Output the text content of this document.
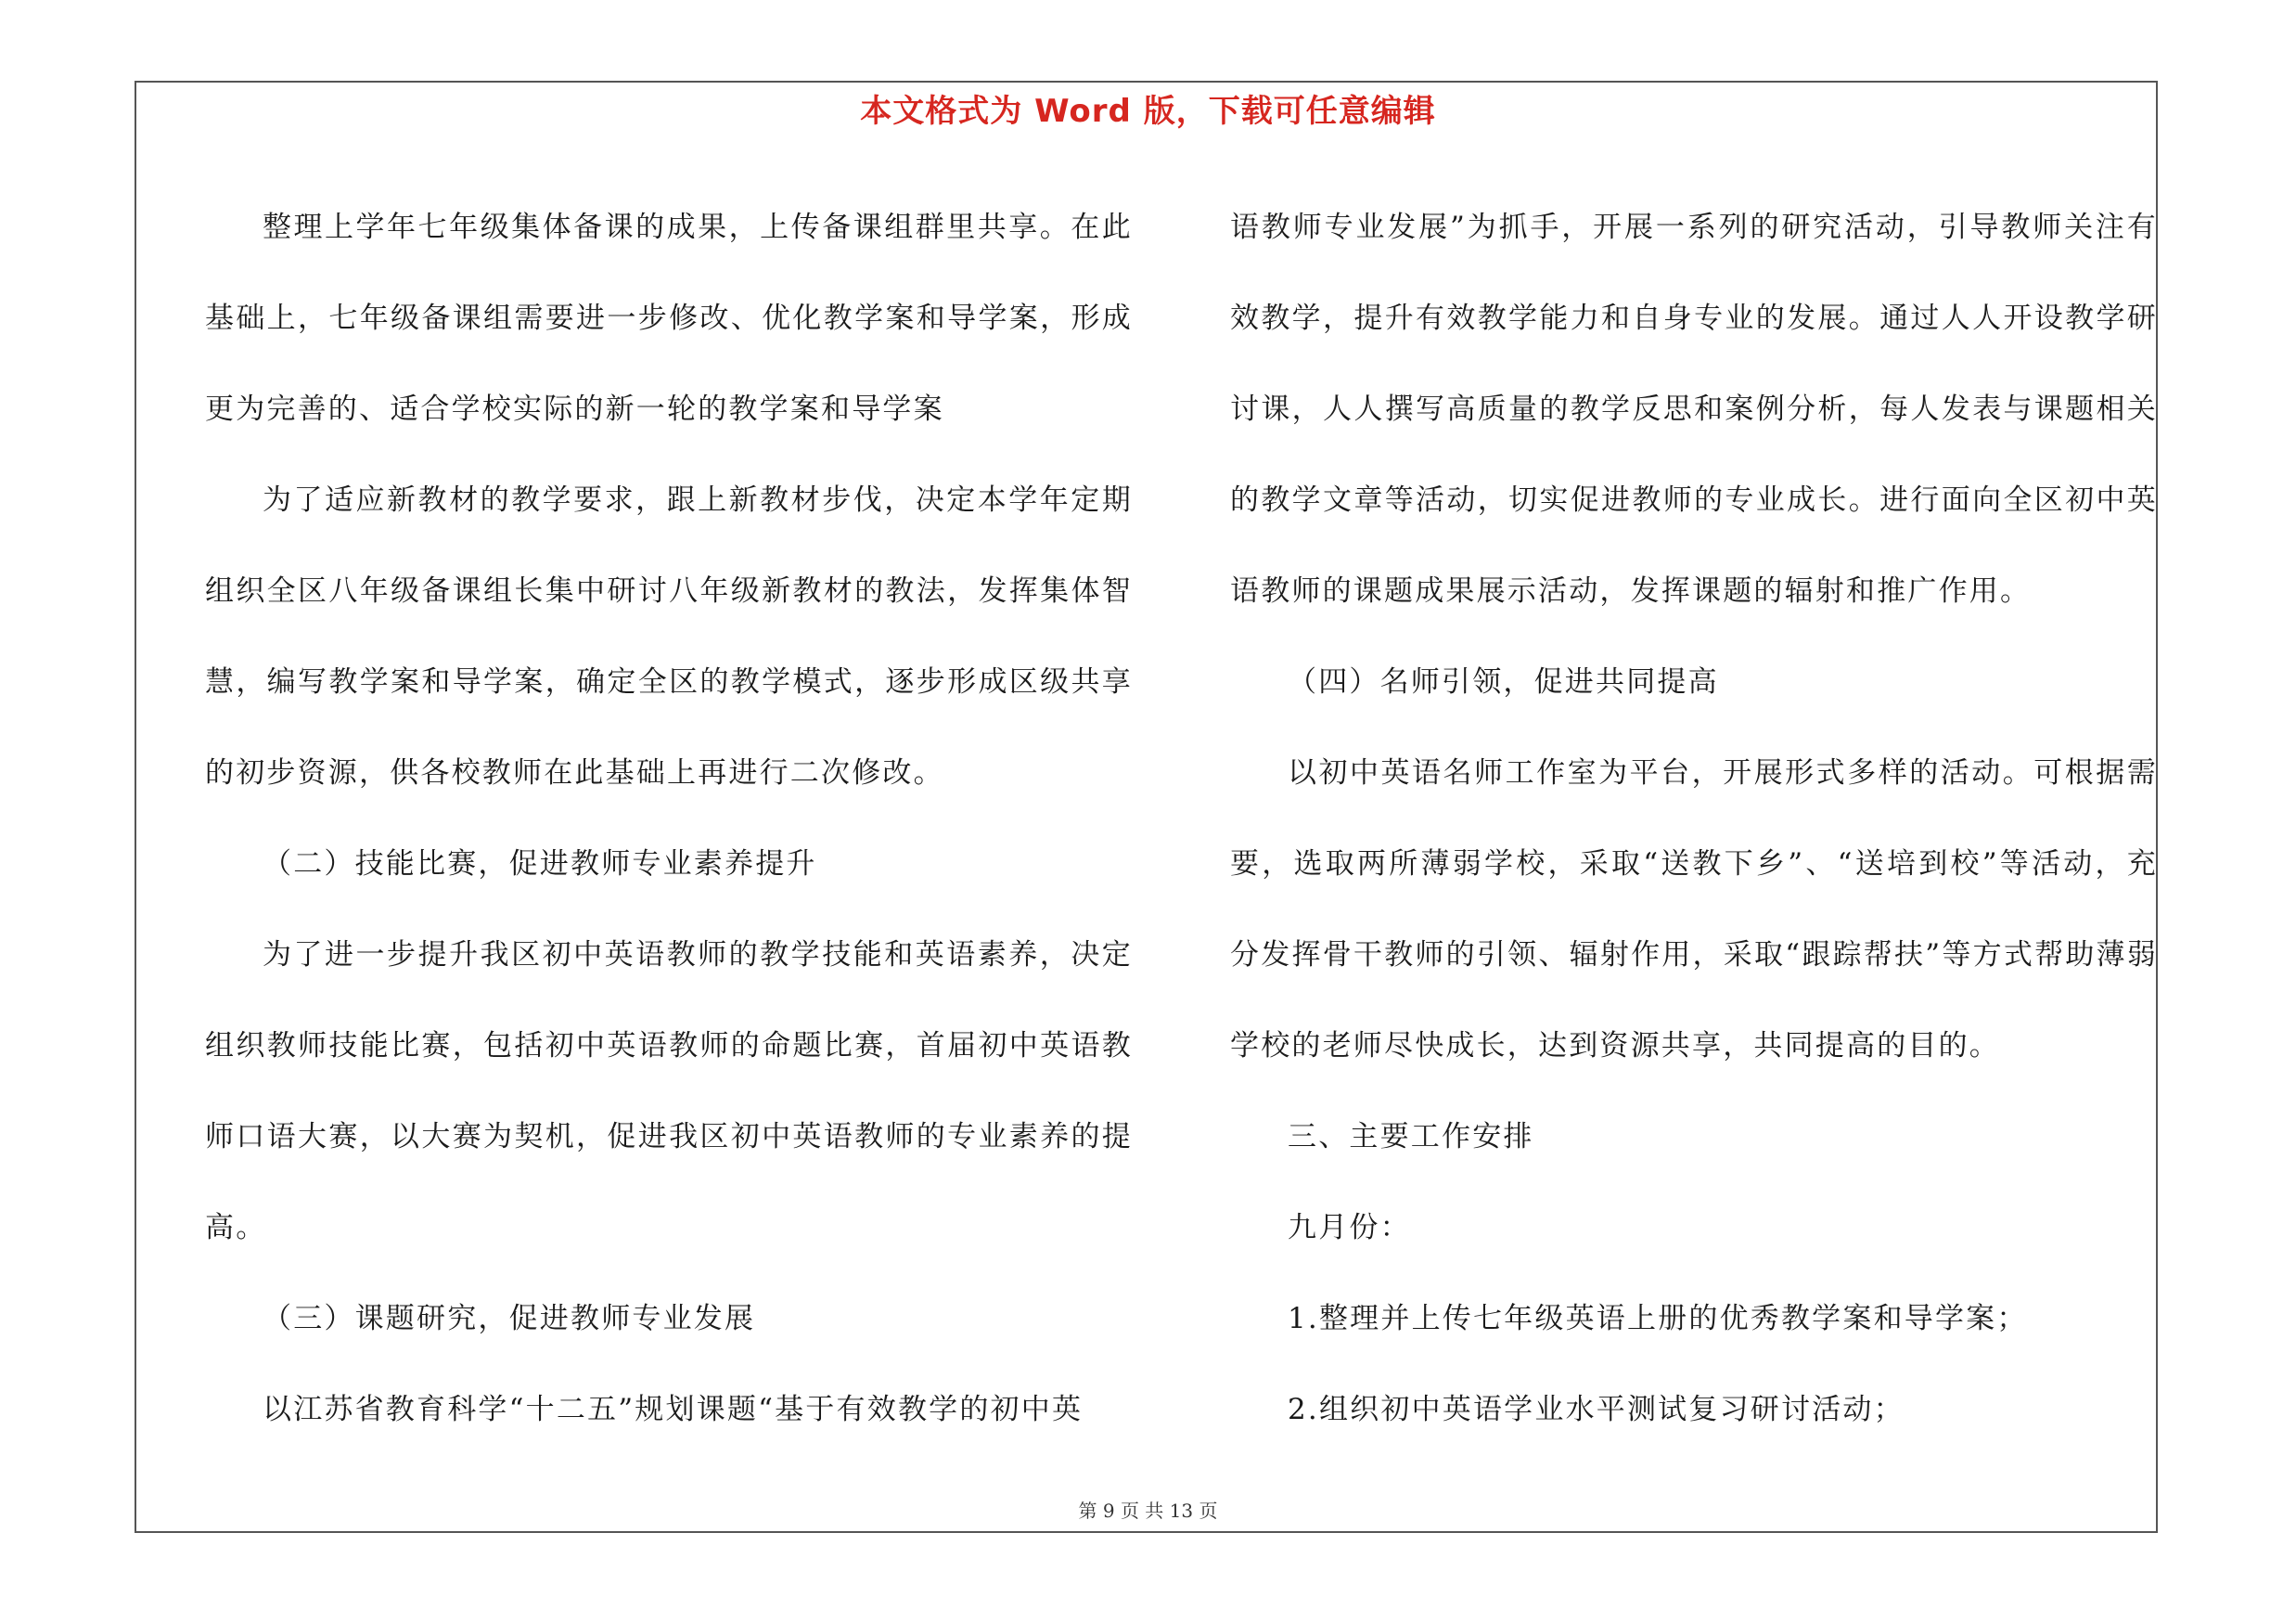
本文格式为 Word 版，下载可任意编辑

整理上学年七年级集体备课的成果，上传备课组群里共享。在此基础上，七年级备课组需要进一步修改、优化教学案和导学案，形成更为完善的、适合学校实际的新一轮的教学案和导学案

为了适应新教材的教学要求，跟上新教材步伐，决定本学年定期组织全区八年级备课组长集中研讨八年级新教材的教法，发挥集体智慧，编写教学案和导学案，确定全区的教学模式，逐步形成区级共享的初步资源，供各校教师在此基础上再进行二次修改。

（二）技能比赛，促进教师专业素养提升

为了进一步提升我区初中英语教师的教学技能和英语素养，决定组织教师技能比赛，包括初中英语教师的命题比赛，首届初中英语教师口语大赛，以大赛为契机，促进我区初中英语教师的专业素养的提高。

（三）课题研究，促进教师专业发展

以江苏省教育科学“十二五”规划课题“基于有效教学的初中英

语教师专业发展”为抓手，开展一系列的研究活动，引导教师关注有效教学，提升有效教学能力和自身专业的发展。通过人人开设教学研讨课，人人撰写高质量的教学反思和案例分析，每人发表与课题相关的教学文章等活动，切实促进教师的专业成长。进行面向全区初中英语教师的课题成果展示活动，发挥课题的辐射和推广作用。

（四）名师引领，促进共同提高

以初中英语名师工作室为平台，开展形式多样的活动。可根据需要，选取两所薄弱学校，采取“送教下乡”、“送培到校”等活动，充分发挥骨干教师的引领、辐射作用，采取“跟踪帮扶”等方式帮助薄弱学校的老师尽快成长，达到资源共享，共同提高的目的。

三、主要工作安排

九月份：

1.整理并上传七年级英语上册的优秀教学案和导学案；

2.组织初中英语学业水平测试复习研讨活动；

第 9 页 共 13 页
